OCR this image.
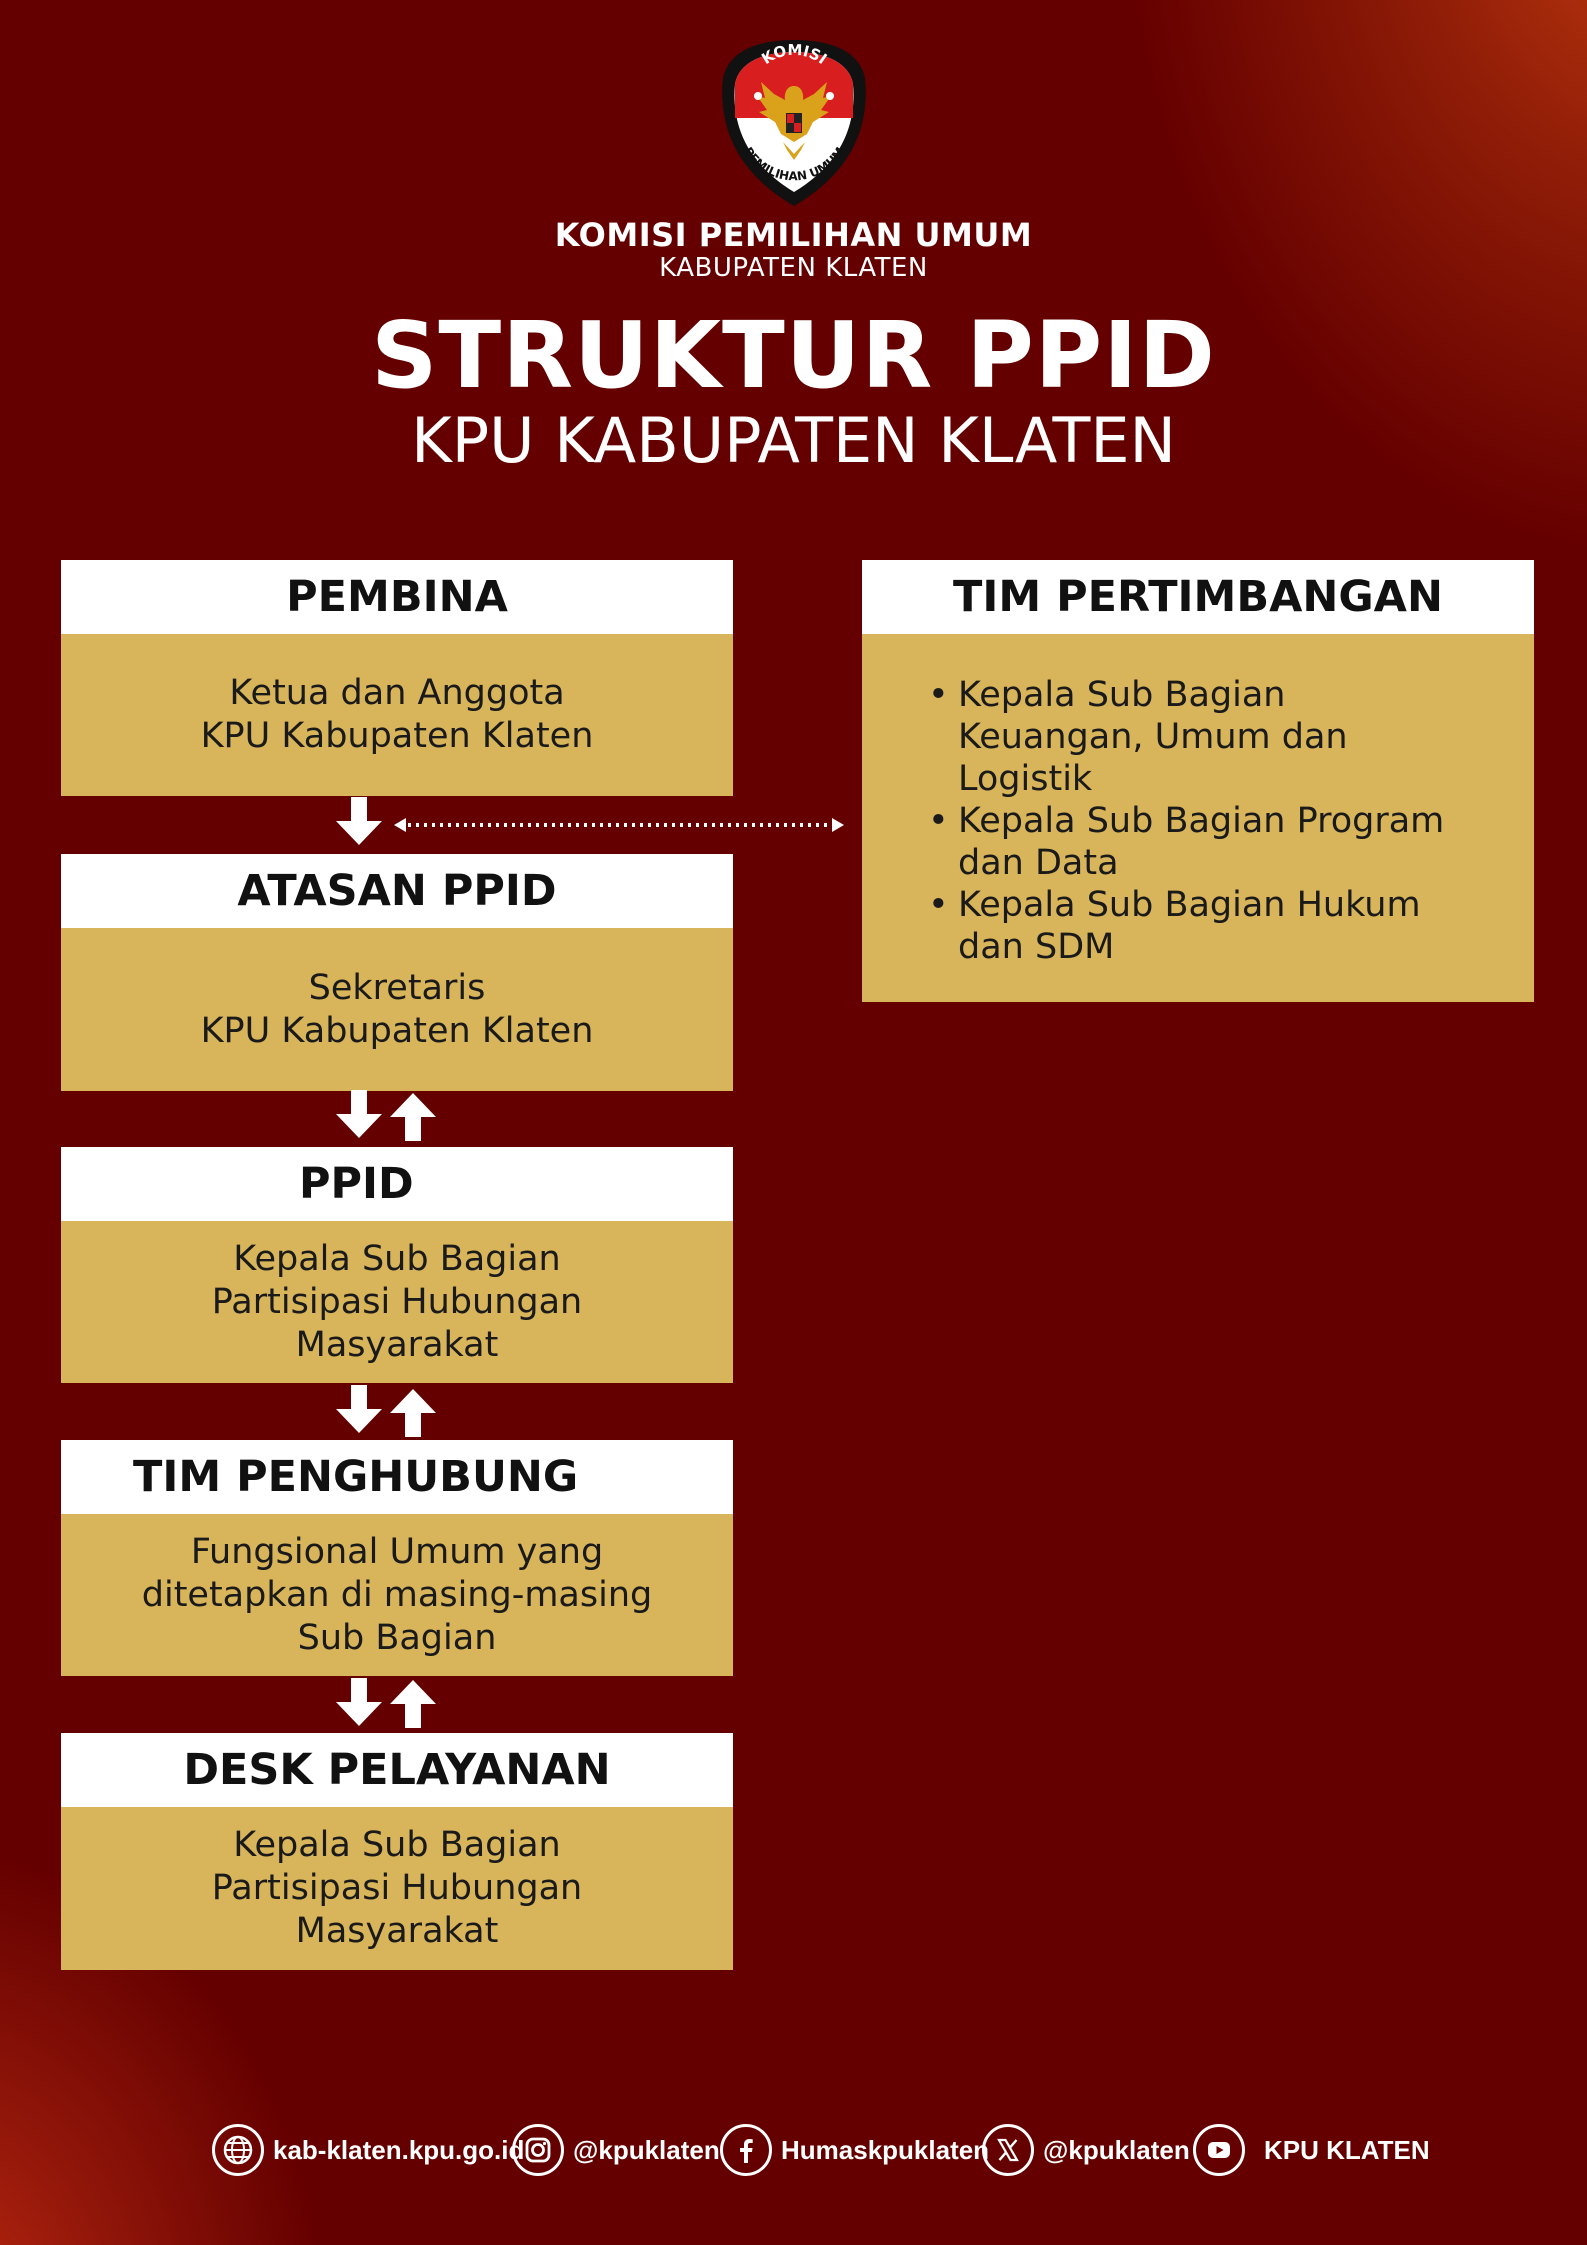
KOMISI
PEMILIHAN UMUM
KOMISI PEMILIHAN UMUM
KABUPATEN KLATEN
STRUKTUR PPID
KPU KABUPATEN KLATEN
PEMBINA
Ketua dan Anggota
KPU Kabupaten Klaten
ATASAN PPID
Sekretaris
KPU Kabupaten Klaten
PPID
Kepala Sub Bagian
Partisipasi Hubungan
Masyarakat
TIM PENGHUBUNG
Fungsional Umum yang
ditetapkan di masing-masing
Sub Bagian
DESK PELAYANAN
Kepala Sub Bagian
Partisipasi Hubungan
Masyarakat
TIM PERTIMBANGAN
• Kepala Sub Bagian
Keuangan, Umum dan
Logistik
• Kepala Sub Bagian Program
dan Data
• Kepala Sub Bagian Hukum
dan SDM
kab-klaten.kpu.go.id @kpuklaten Humaskpuklaten @kpuklaten	KPU KLATEN
